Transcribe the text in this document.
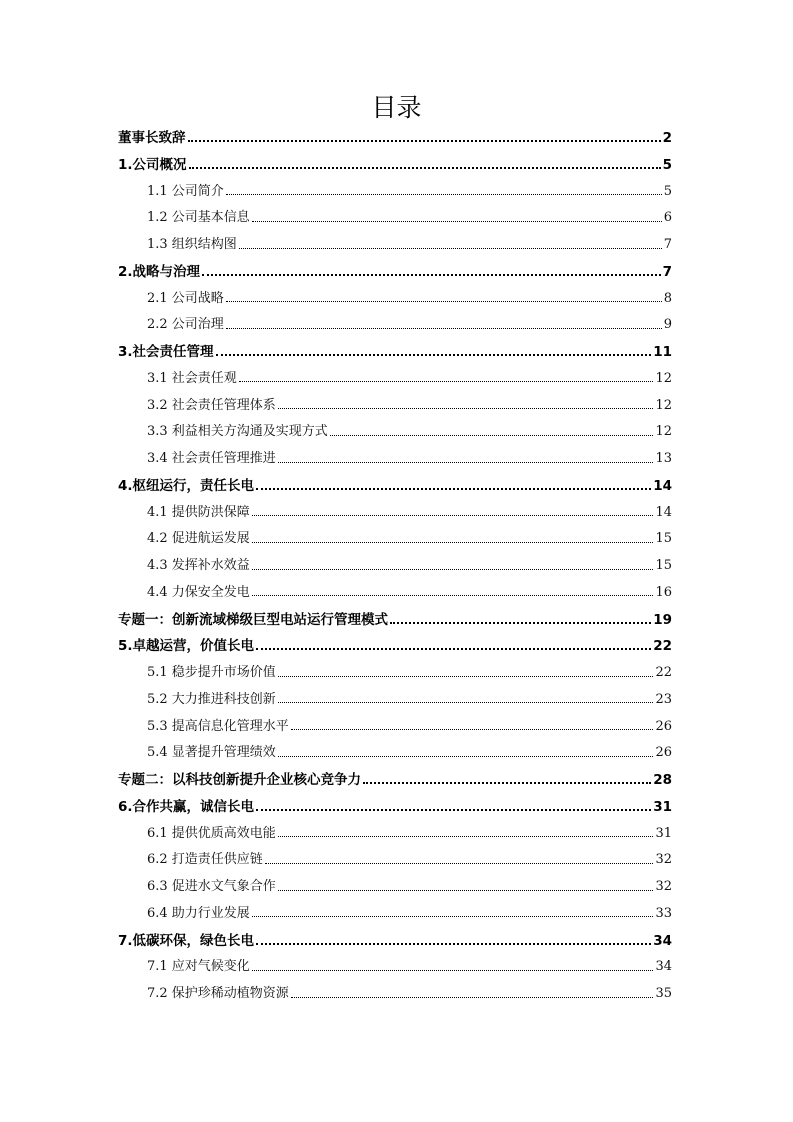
目录
董事长致辞	2
1.公司概况	5
1.1 公司简介	5
1.2 公司基本信息	6
1.3 组织结构图	7
2.战略与治理	7
2.1 公司战略	8
2.2 公司治理	9
3.社会责任管理	11
3.1 社会责任观	12
3.2 社会责任管理体系	12
3.3 利益相关方沟通及实现方式	12
3.4 社会责任管理推进	13
4.枢纽运行，责任长电	14
4.1 提供防洪保障	14
4.2 促进航运发展	15
4.3 发挥补水效益	15
4.4 力保安全发电	16
专题一：创新流域梯级巨型电站运行管理模式	19
5.卓越运营，价值长电	22
5.1 稳步提升市场价值	22
5.2 大力推进科技创新	23
5.3 提高信息化管理水平	26
5.4 显著提升管理绩效	26
专题二：以科技创新提升企业核心竞争力	28
6.合作共赢，诚信长电	31
6.1 提供优质高效电能	31
6.2 打造责任供应链	32
6.3 促进水文气象合作	32
6.4 助力行业发展	33
7.低碳环保，绿色长电	34
7.1 应对气候变化	34
7.2 保护珍稀动植物资源	35
